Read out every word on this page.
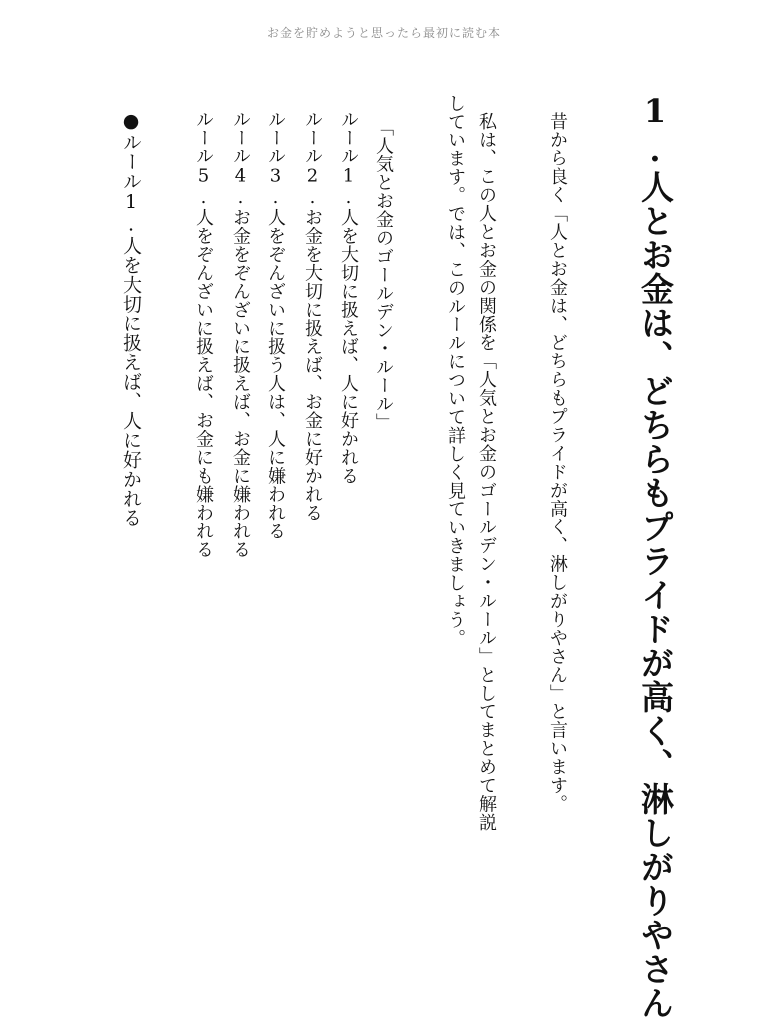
お金を貯めようと思ったら最初に読む本
1.人とお金は、どちらもプライドが高く、淋しがりやさん
昔から良く「人とお金は、どちらもプライドが高く、淋しがりやさん」と言います。
私は、この人とお金の関係を「人気とお金のゴールデン・ルール」としてまとめて解説
しています。では、このルールについて詳しく見ていきましょう。
「人気とお金のゴールデン・ルール」
ルール1.人を大切に扱えば、人に好かれる
ルール2.お金を大切に扱えば、お金に好かれる
ルール3.人をぞんざいに扱う人は、人に嫌われる
ルール4.お金をぞんざいに扱えば、お金に嫌われる
ルール5.人をぞんざいに扱えば、お金にも嫌われる
●ルール1.人を大切に扱えば、人に好かれる
